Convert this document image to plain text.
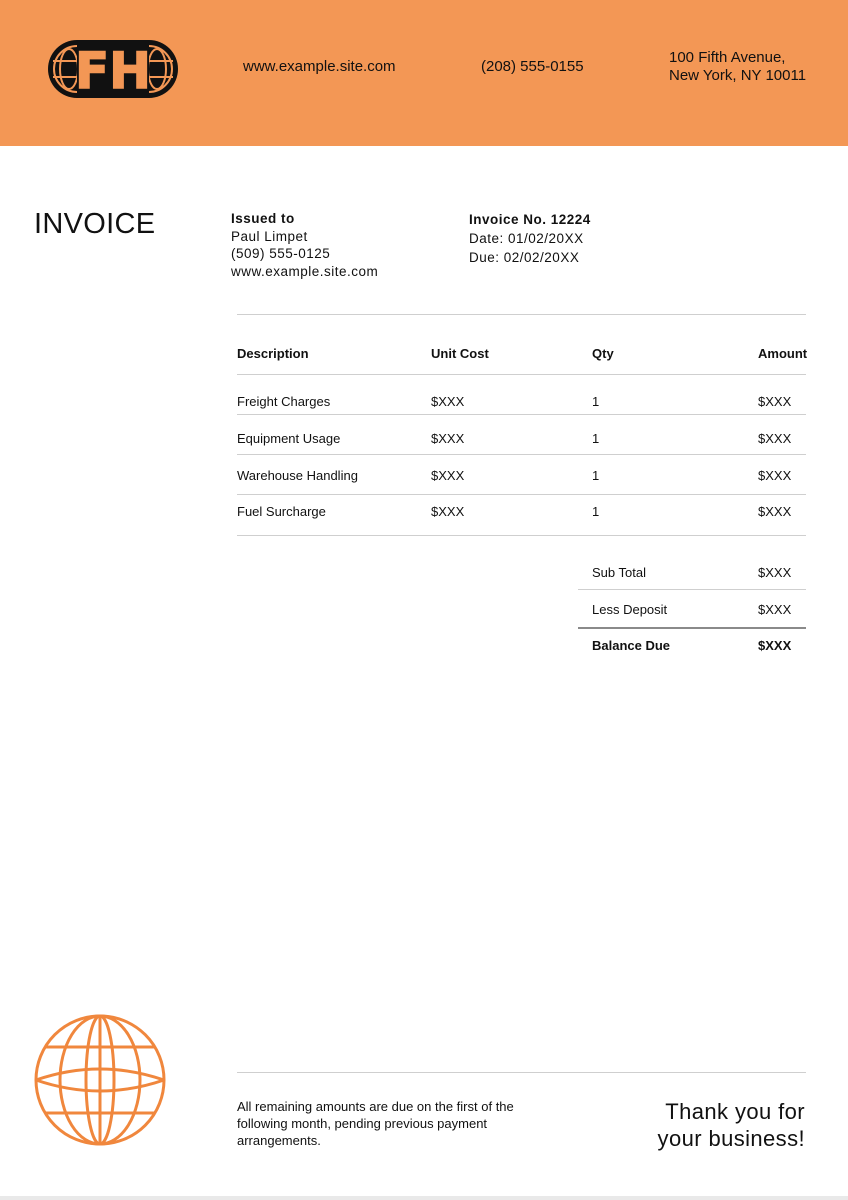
FH	www.example.site.com	(208) 555-0155
100 Fifth Avenue,
New York, NY 10011
INVOICE	Issued to
Paul Limpet
(509) 555-0125
www.example.site.com
Invoice No. 12224
Date: 01/02/20XX
Due: 02/02/20XX
Description	Unit Cost	Qty	Amount
Freight Charges	$XXX	1	$XXX
Equipment Usage	$XXX	1	$XXX
Warehouse Handling	$XXX	1	$XXX
Fuel Surcharge	$XXX	1	$XXX
Sub Total	$XXX
Less Deposit	$XXX
Balance Due	$XXX
All remaining amounts are due on the first of the following month, pending previous payment arrangements.
Thank you for
your business!
